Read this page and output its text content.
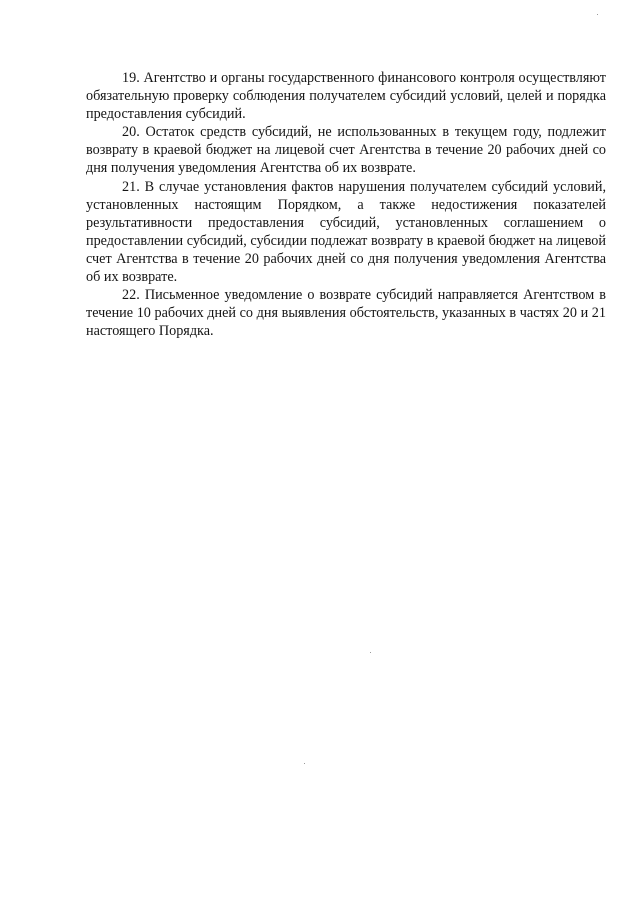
19. Агентство и органы государственного финансового контроля осуществляют обязательную проверку соблюдения получателем субсидий условий, целей и порядка предоставления субсидий.

20. Остаток средств субсидий, не использованных в текущем году, подлежит возврату в краевой бюджет на лицевой счет Агентства в течение 20 рабочих дней со дня получения уведомления Агентства об их возврате.

21. В случае установления фактов нарушения получателем субсидий условий, установленных настоящим Порядком, а также недостижения показателей результативности предоставления субсидий, установленных соглашением о предоставлении субсидий, субсидии подлежат возврату в краевой бюджет на лицевой счет Агентства в течение 20 рабочих дней со дня получения уведомления Агентства об их возврате.

22. Письменное уведомление о возврате субсидий направляется Агентством в течение 10 рабочих дней со дня выявления обстоятельств, указанных в частях 20 и 21 настоящего Порядка.
